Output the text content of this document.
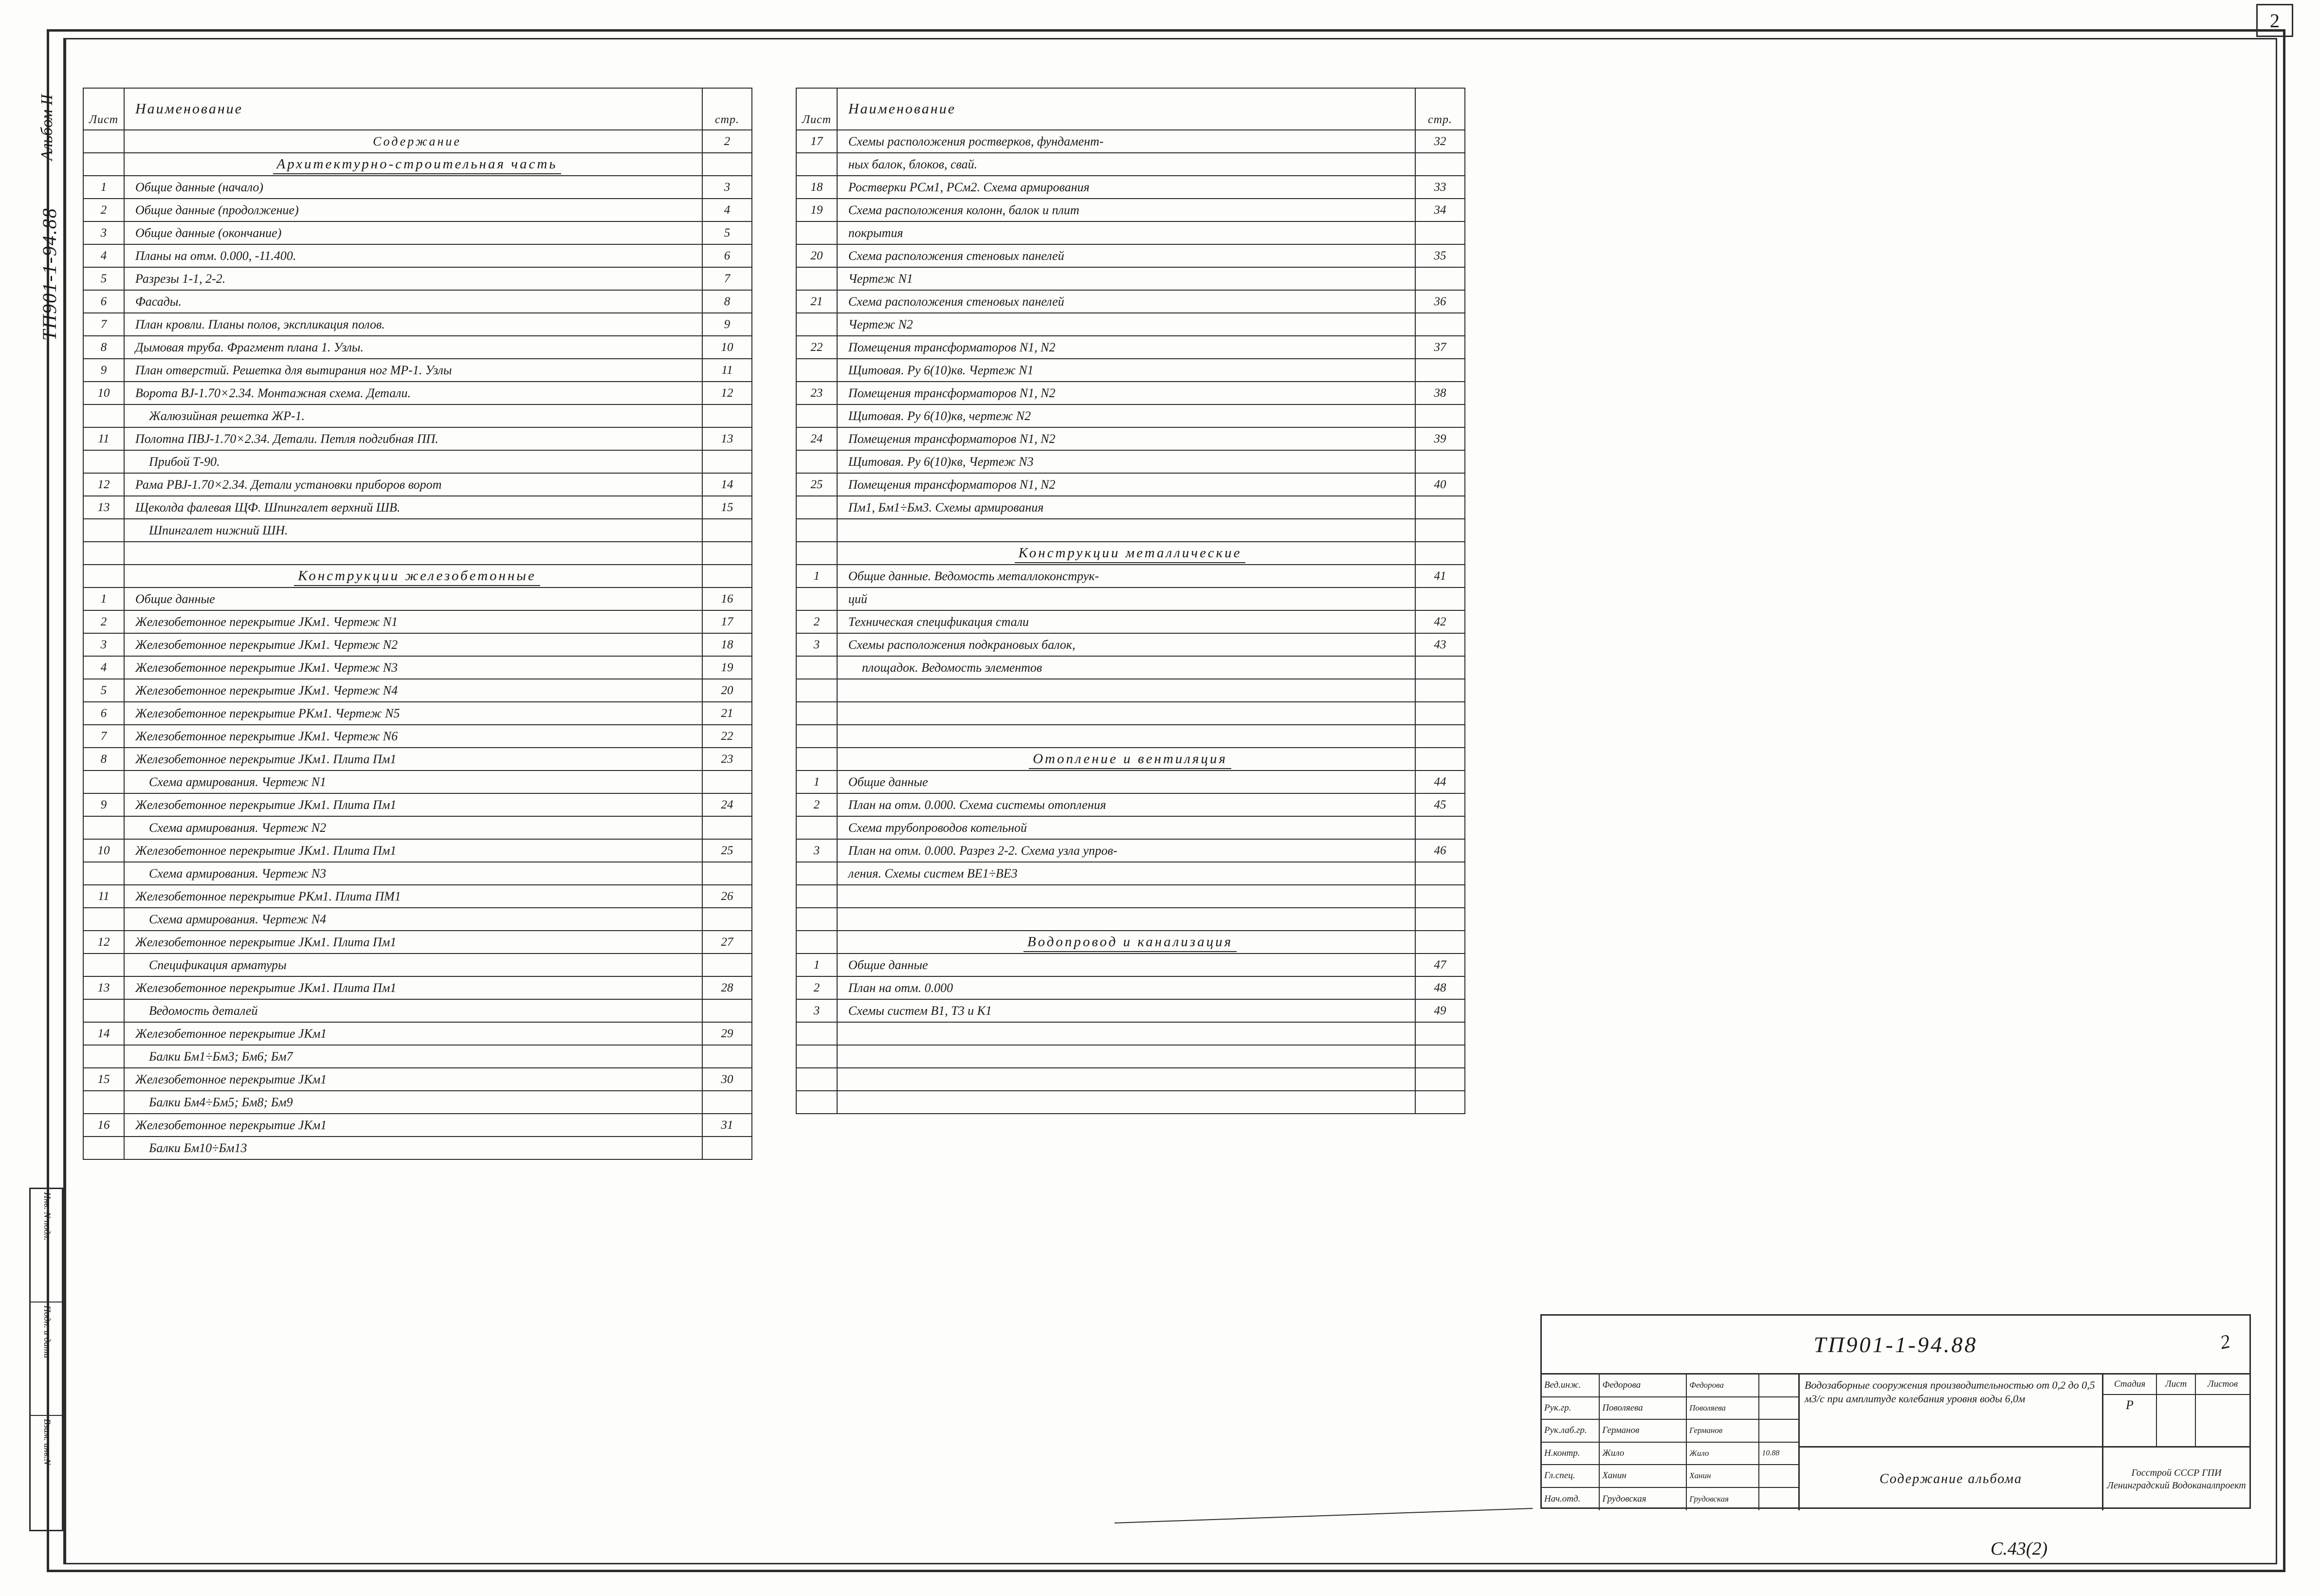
2
ТП901-1-94.88
Альбом II
Инв. N подл.
Подп. и дата
Взам. инв.N
Лист	Наименование	стр.
	Содержание	2
	Архитектурно-строительная часть	
1	Общие данные (начало)	3
2	Общие данные (продолжение)	4
3	Общие данные (окончание)	5
4	Планы на отм. 0.000, -11.400.	6
5	Разрезы 1-1, 2-2.	7
6	Фасады.	8
7	План кровли. Планы полов, экспликация полов.	9
8	Дымовая труба. Фрагмент плана 1. Узлы.	10
9	План отверстий. Решетка для вытирания ног МР-1. Узлы	11
10	Ворота ВЈ-1.70×2.34. Монтажная схема. Детали.	12
	Жалюзийная решетка ЖР-1.	
11	Полотна ПВЈ-1.70×2.34. Детали. Петля подгибная ПП.	13
	Прибой Т-90.	
12	Рама РВЈ-1.70×2.34. Детали установки приборов ворот	14
13	Щеколда фалевая ЩФ. Шпингалет верхний ШВ.	15
	Шпингалет нижний ШН.	

	Конструкции железобетонные	
1	Общие данные	16
2	Железобетонное перекрытие ЈКм1. Чертеж N1	17
3	Железобетонное перекрытие ЈКм1. Чертеж N2	18
4	Железобетонное перекрытие ЈКм1. Чертеж N3	19
5	Железобетонное перекрытие ЈКм1. Чертеж N4	20
6	Железобетонное перекрытие РКм1. Чертеж N5	21
7	Железобетонное перекрытие ЈКм1. Чертеж N6	22
8	Железобетонное перекрытие ЈКм1. Плита Пм1	23
	Схема армирования. Чертеж N1	
9	Железобетонное перекрытие ЈКм1. Плита Пм1	24
	Схема армирования. Чертеж N2	
10	Железобетонное перекрытие ЈКм1. Плита Пм1	25
	Схема армирования. Чертеж N3	
11	Железобетонное перекрытие РКм1. Плита ПМ1	26
	Схема армирования. Чертеж N4	
12	Железобетонное перекрытие ЈКм1. Плита Пм1	27
	Спецификация арматуры	
13	Железобетонное перекрытие ЈКм1. Плита Пм1	28
	Ведомость деталей	
14	Железобетонное перекрытие ЈКм1	29
	Балки Бм1÷Бм3; Бм6; Бм7	
15	Железобетонное перекрытие ЈКм1	30
	Балки Бм4÷Бм5; Бм8; Бм9	
16	Железобетонное перекрытие ЈКм1	31
	Балки Бм10÷Бм13	
Лист	Наименование	стр.
17	Схемы расположения ростверков, фундамент-	32
	ных балок, блоков, свай.	
18	Ростверки РСм1, РСм2. Схема армирования	33
19	Схема расположения колонн, балок и плит	34
	покрытия	
20	Схема расположения стеновых панелей	35
	Чертеж N1	
21	Схема расположения стеновых панелей	36
	Чертеж N2	
22	Помещения трансформаторов N1, N2	37
	Щитовая. Ру 6(10)кв. Чертеж N1	
23	Помещения трансформаторов N1, N2	38
	Щитовая. Ру 6(10)кв, чертеж N2	
24	Помещения трансформаторов N1, N2	39
	Щитовая. Ру 6(10)кв, Чертеж N3	
25	Помещения трансформаторов N1, N2	40
	Пм1, Бм1÷Бм3. Схемы армирования	

	Конструкции металлические	
1	Общие данные. Ведомость металлоконструк-	41
	ций	
2	Техническая спецификация стали	42
3	Схемы расположения подкрановых балок,	43
	площадок. Ведомость элементов	

	Отопление и вентиляция	
1	Общие данные	44
2	План на отм. 0.000. Схема системы отопления	45
	Схема трубопроводов котельной	
3	План на отм. 0.000. Разрез 2-2. Схема узла упров-	46
	ления. Схемы систем ВЕ1÷ВЕ3	

	Водопровод и канализация	
1	Общие данные	47
2	План на отм. 0.000	48
3	Схемы систем В1, Т3 и К1	49

ТП901-1-94.88	2
Вед.инж.	Федорова	Федорова
Рук.гр.	Поволяева	Поволяева
Рук.лаб.гр.	Германов	Германов
Н.контр.	Жило	Жило	10.88
Гл.спец.	Ханин	Ханин
Нач.отд.	Грудовская	Грудовская
Водозаборные сооружения производительностью от 0,2 до 0,5 м3/с при амплитуде колебания уровня воды 6,0м
Стадия	Лист	Листов
Р
Содержание альбома	Госстрой СССР ГПИ Ленинградский Водоканалпроект
С.43(2)
